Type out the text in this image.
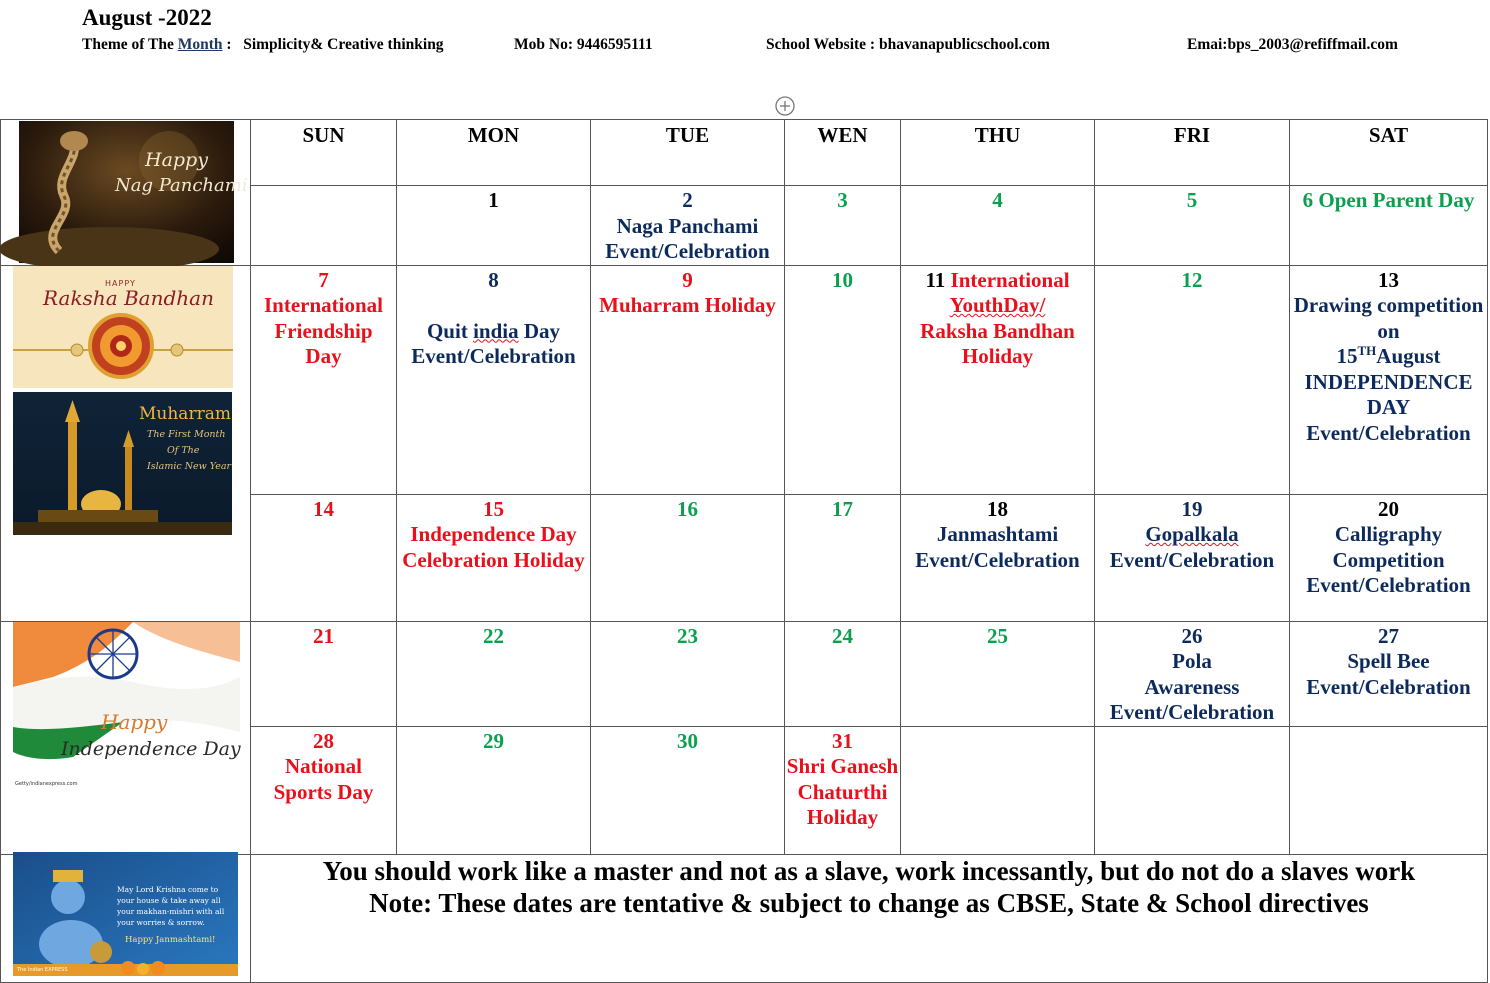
August -2022
Theme of The Month : Simplicity& Creative thinking	Mob No: 9446595111	School Website : bhavanapublicschool.com	Emai:bps_2003@refiffmail.com

	SUN	MON	TUE	WEN	THU	FRI	SAT

		1	2
Naga Panchami
Event/Celebration	3	4	5	6 Open Parent Day

	7
International Friendship Day	8

Quit india Day
Event/Celebration	9
Muharram Holiday	10	11 International
YouthDay/
Raksha Bandhan Holiday	12	13
Drawing competition on
15THAugust
INDEPENDENCE DAY
Event/Celebration

	14	15
Independence Day Celebration Holiday	16	17	18
Janmashtami
Event/Celebration	19
Gopalkala
Event/Celebration	20
Calligraphy Competition
Event/Celebration

	21	22	23	24	25	26
Pola
Awareness
Event/Celebration	27
Spell Bee
Event/Celebration

	28
National Sports Day	29	30	31
Shri Ganesh Chaturthi Holiday			

	You should work like a master and not as a slave, work incessantly, but do not do a slaves work
Note: These dates are tentative & subject to change as CBSE, State & School directives						
Happy
Nag Panchami
HAPPY
Raksha Bandhan
Muharram
The First Month
Of The
Islamic New Year
Happy
Independence Day
Getty/indianexpress.com
May Lord Krishna come to
your house & take away all
your makhan-mishri with all
your worries & sorrow.
Happy Janmashtami!
The Indian EXPRESS
